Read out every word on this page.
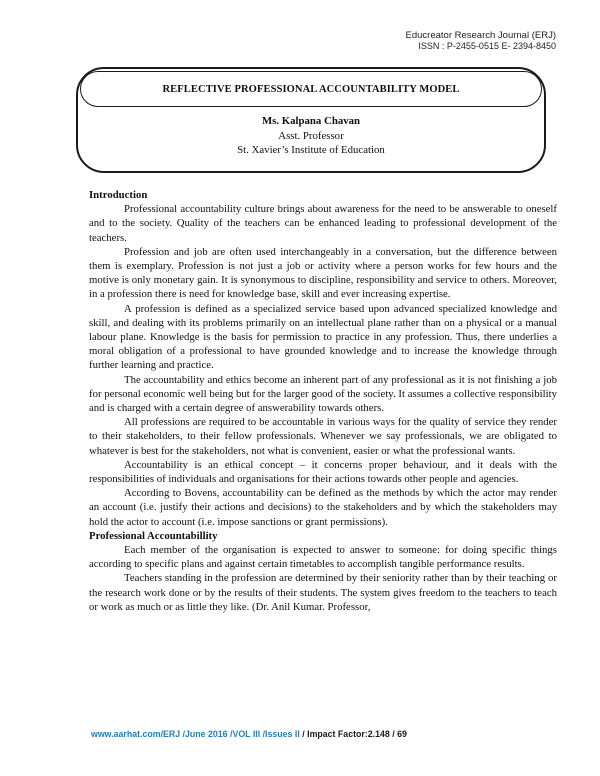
Educreator Research Journal (ERJ)
ISSN : P-2455-0515 E- 2394-8450
REFLECTIVE PROFESSIONAL ACCOUNTABILITY MODEL
Ms. Kalpana Chavan
Asst. Professor
St. Xavier’s Institute of Education
Introduction

Professional accountability culture brings about awareness for the need to be answerable to oneself and to the society. Quality of the teachers can be enhanced leading to professional development of the teachers.

Profession and job are often used interchangeably in a conversation, but the difference between them is exemplary. Profession is not just a job or activity where a person works for few hours and the motive is only monetary gain. It is synonymous to discipline, responsibility and service to others. Moreover, in a profession there is need for knowledge base, skill and ever increasing expertise.

A profession is defined as a specialized service based upon advanced specialized knowledge and skill, and dealing with its problems primarily on an intellectual plane rather than on a physical or a manual labour plane. Knowledge is the basis for permission to practice in any profession. Thus, there underlies a moral obligation of a professional to have grounded knowledge and to increase the knowledge through further learning and practice.

The accountability and ethics become an inherent part of any professional as it is not finishing a job for personal economic well being but for the larger good of the society. It assumes a collective responsibility and is charged with a certain degree of answerability towards others.

All professions are required to be accountable in various ways for the quality of service they render to their stakeholders, to their fellow professionals. Whenever we say professionals, we are obligated to whatever is best for the stakeholders, not what is convenient, easier or what the professional wants.

Accountability is an ethical concept – it concerns proper behaviour, and it deals with the responsibilities of individuals and organisations for their actions towards other people and agencies.

According to Bovens, accountability can be defined as the methods by which the actor may render an account (i.e. justify their actions and decisions) to the stakeholders and by which the stakeholders may hold the actor to account (i.e. impose sanctions or grant permissions).

Professional Accountabillity

Each member of the organisation is expected to answer to someone: for doing specific things according to specific plans and against certain timetables to accomplish tangible performance results.

Teachers standing in the profession are determined by their seniority rather than by their teaching or the research work done or by the results of their students. The system gives freedom to the teachers to teach or work as much or as little they like. (Dr. Anil Kumar. Professor,

www.aarhat.com/ERJ /June 2016 /VOL III /Issues II / Impact Factor:2.148 / 69
